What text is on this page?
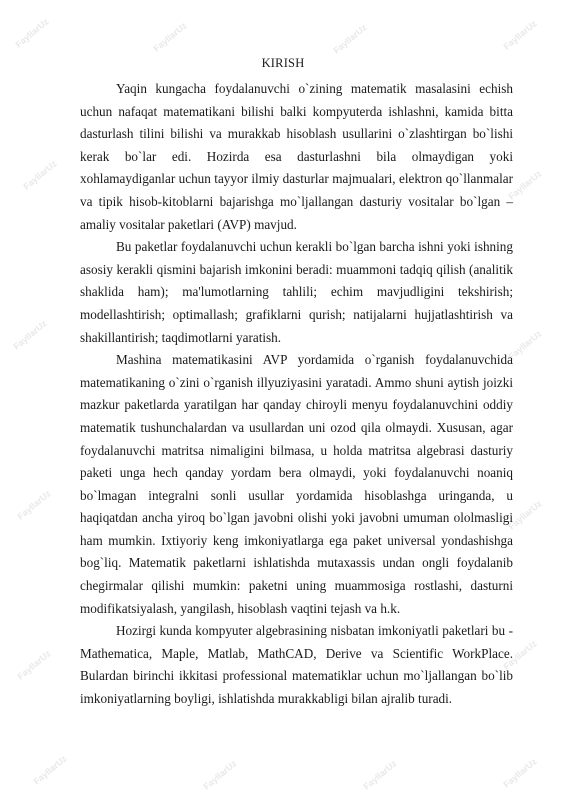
FayllarUz	FayllarUz	FayllarUz	FayllarUz
FayllarUz	FayllarUz
FayllarUz	FayllarUz
FayllarUz	FayllarUz
FayllarUz	FayllarUz
FayllarUz	FayllarUz	FayllarUz	FayllarUz
KIRISH

Yaqin kungacha foydalanuvchi o`zining matematik masalasini echish uchun nafaqat matematikani bilishi balki kompyuterda ishlashni, kamida bitta dasturlash tilini bilishi va murakkab hisoblash usullarini o`zlashtirgan bo`lishi kerak bo`lar edi. Hozirda esa dasturlashni bila olmaydigan yoki xohlamaydiganlar uchun tayyor ilmiy dasturlar majmualari, elektron qo`llanmalar va tipik hisob-kitoblarni bajarishga mo`ljallangan dasturiy vositalar bo`lgan – amaliy vositalar paketlari (AVP) mavjud.

Bu paketlar foydalanuvchi uchun kerakli bo`lgan barcha ishni yoki ishning asosiy kerakli qismini bajarish imkonini beradi: muammoni tadqiq qilish (analitik shaklida ham); ma'lumotlarning tahlili; echim mavjudligini tekshirish; modellashtirish; optimallash; grafiklarni qurish; natijalarni hujjatlashtirish va shakillantirish; taqdimotlarni yaratish.

Mashina matematikasini AVP yordamida o`rganish foydalanuvchida matematikaning o`zini o`rganish illyuziyasini yaratadi. Ammo shuni aytish joizki mazkur paketlarda yaratilgan har qanday chiroyli menyu foydalanuvchini oddiy matematik tushunchalardan va usullardan uni ozod qila olmaydi. Xususan, agar foydalanuvchi matritsa nimaligini bilmasa, u holda matritsa algebrasi dasturiy paketi unga hech qanday yordam bera olmaydi, yoki foydalanuvchi noaniq bo`lmagan integralni sonli usullar yordamida hisoblashga uringanda, u haqiqatdan ancha yiroq bo`lgan javobni olishi yoki javobni umuman ololmasligi ham mumkin. Ixtiyoriy keng imkoniyatlarga ega paket universal yondashishga bog`liq. Matematik paketlarni ishlatishda mutaxassis undan ongli foydalanib chegirmalar qilishi mumkin: paketni uning muammosiga rostlashi, dasturni modifikatsiyalash, yangilash, hisoblash vaqtini tejash va h.k.

Hozirgi kunda kompyuter algebrasining nisbatan imkoniyatli paketlari bu - Mathematica, Maple, Matlab, MathCAD, Derive va Scientific WorkPlace. Bulardan birinchi ikkitasi professional matematiklar uchun mo`ljallangan bo`lib imkoniyatlarning boyligi, ishlatishda murakkabligi bilan ajralib turadi.
